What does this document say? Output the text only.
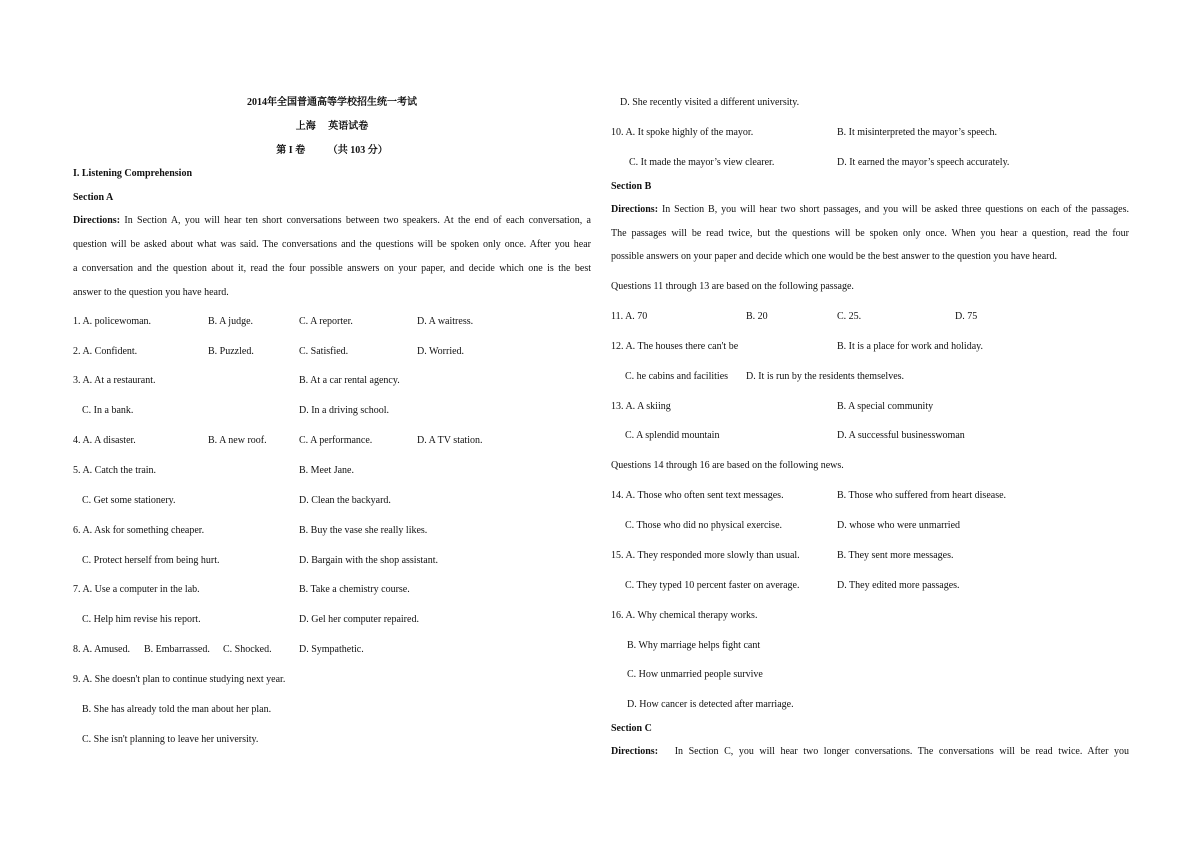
2014年全国普通高等学校招生统一考试
上海 英语试卷
第 I 卷 （共 103 分）
I. Listening Comprehension
Section A
Directions: In Section A, you will hear ten short conversations between two speakers. At the end of each conversation, a
question will be asked about what was said. The conversations and the questions will be spoken only once. After you hear
a conversation and the question about it, read the four possible answers on your paper, and decide which one is the best
answer to the question you have heard.
1. A. policewoman.	B. A judge.	C. A reporter.	D. A waitress.
2. A. Confident.	B. Puzzled.	C. Satisfied.	D. Worried.
3. A. At a restaurant.	B. At a car rental agency.
C. In a bank.	D. In a driving school.
4. A. A disaster.	B. A new roof.	C. A performance.	D. A TV station.
5. A. Catch the train.	B. Meet Jane.
C. Get some stationery.	D. Clean the backyard.
6. A. Ask for something cheaper.	B. Buy the vase she really likes.
C. Protect herself from being hurt.	D. Bargain with the shop assistant.
7. A. Use a computer in the lab.	B. Take a chemistry course.
C. Help him revise his report.	D. Gel her computer repaired.
8. A. Amused. B. Embarrassed. C. Shocked.	D. Sympathetic.
9. A. She doesn't plan to continue studying next year.
B. She has already told the man about her plan.
C. She isn't planning to leave her university.
D. She recently visited a different university.
10. A. It spoke highly of the mayor.	B. It misinterpreted the mayor’s speech.
C. It made the mayor’s view clearer.	D. It earned the mayor’s speech accurately.
Section B
Directions: In Section B, you will hear two short passages, and you will be asked three questions on each of the passages.
The passages will be read twice, but the questions will be spoken only once. When you hear a question, read the four
possible answers on your paper and decide which one would be the best answer to the question you have heard.
Questions 11 through 13 are based on the following passage.
11. A. 70	B. 20	C. 25.	D. 75
12. A. The houses there can't be	B. It is a place for work and holiday.
C. he cabins and facilities D. It is run by the residents themselves.
13. A. A skiing	B. A special community
C. A splendid mountain	D. A successful businesswoman
Questions 14 through 16 are based on the following news.
14. A. Those who often sent text messages.	B. Those who suffered from heart disease.
C. Those who did no physical exercise.	D. whose who were unmarried
15. A. They responded more slowly than usual.	B. They sent more messages.
C. They typed 10 percent faster on average.	D. They edited more passages.
16. A. Why chemical therapy works.
B. Why marriage helps fight cant
C. How unmarried people survive
D. How cancer is detected after marriage.
Section C
Directions: In Section C, you will hear two longer conversations. The conversations will be read twice. After you
